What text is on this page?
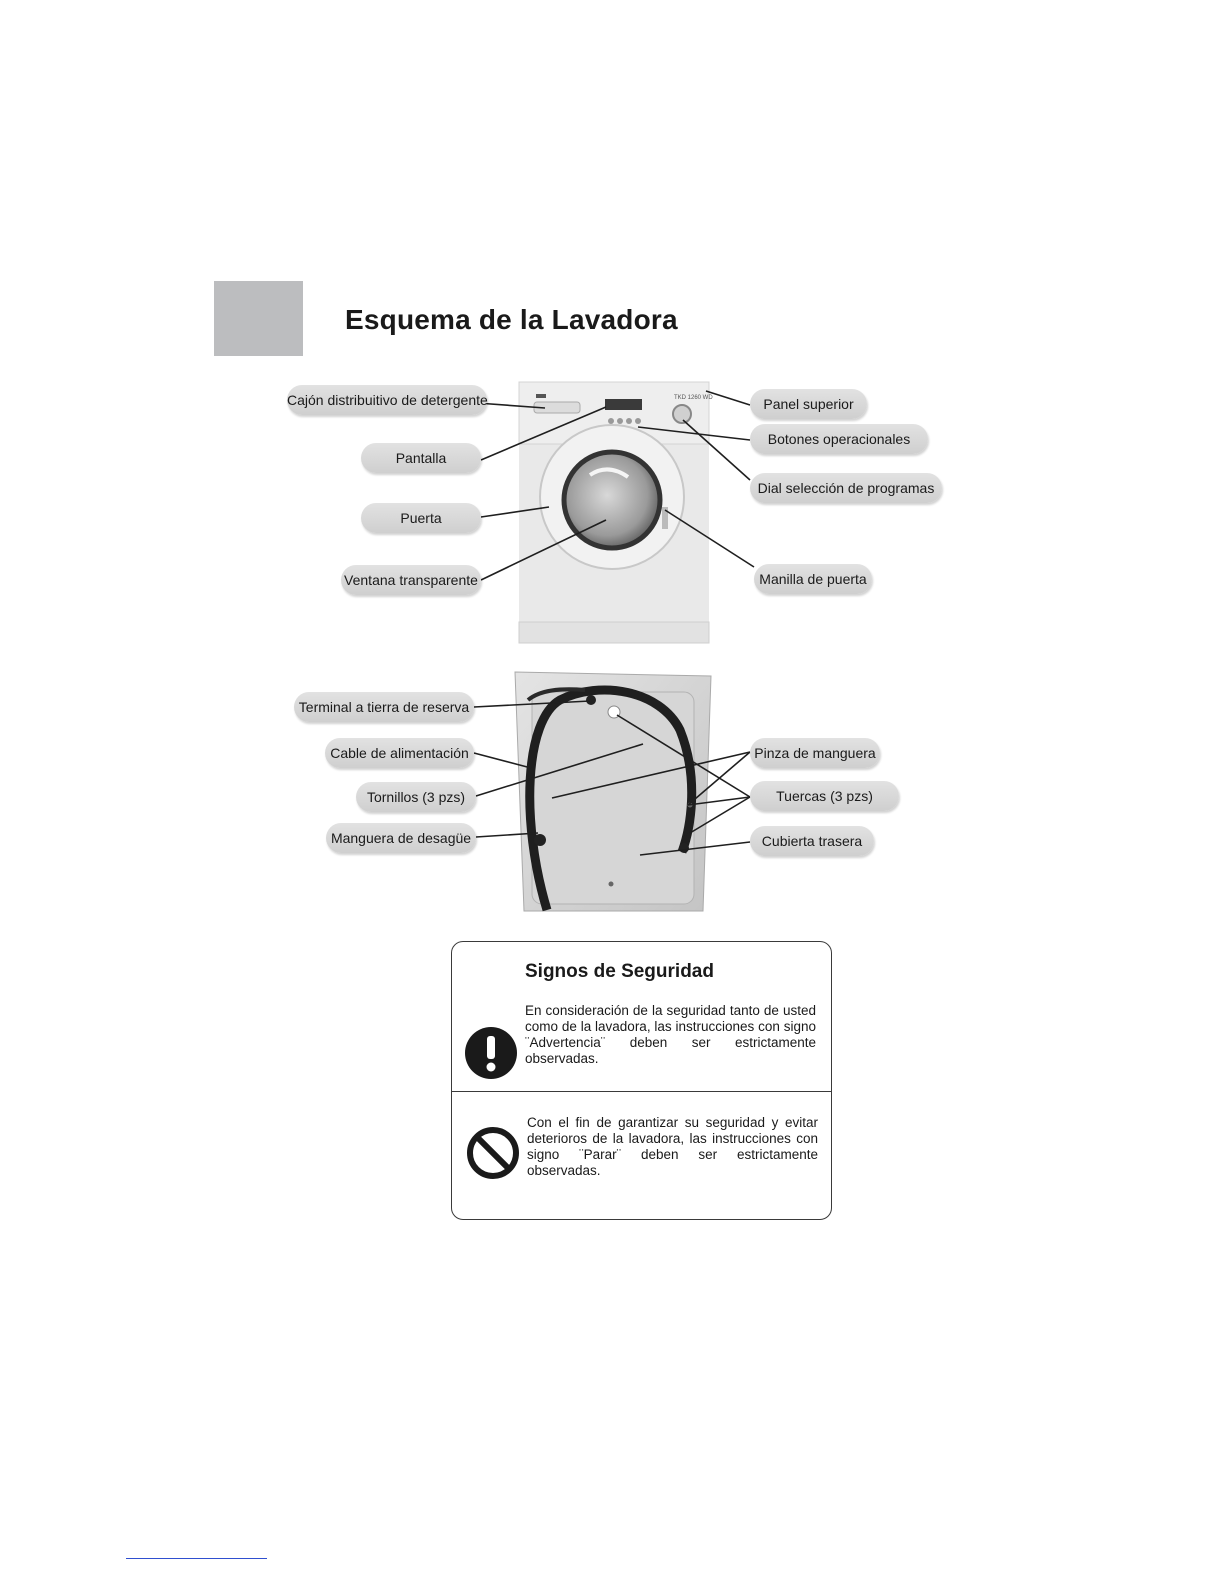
Esquema de la Lavadora
TKD 1260 WD
Cajón distribuitivo de detergente
Pantalla
Puerta
Ventana transparente
Panel superior
Botones operacionales
Dial selección de programas
Manilla de puerta
Terminal a tierra de reserva
Cable de alimentación
Tornillos (3 pzs)
Manguera de desagüe
Pinza de manguera
Tuercas (3 pzs)
Cubierta trasera
Signos de Seguridad
En consideración de la seguridad tanto de usted como de la lavadora, las instrucciones con signo ¨Advertencia¨ deben ser estrictamente observadas.
Con el fin de garantizar su seguridad y evitar deterioros de la lavadora, las instrucciones con signo ¨Parar¨ deben ser estrictamente observadas.
